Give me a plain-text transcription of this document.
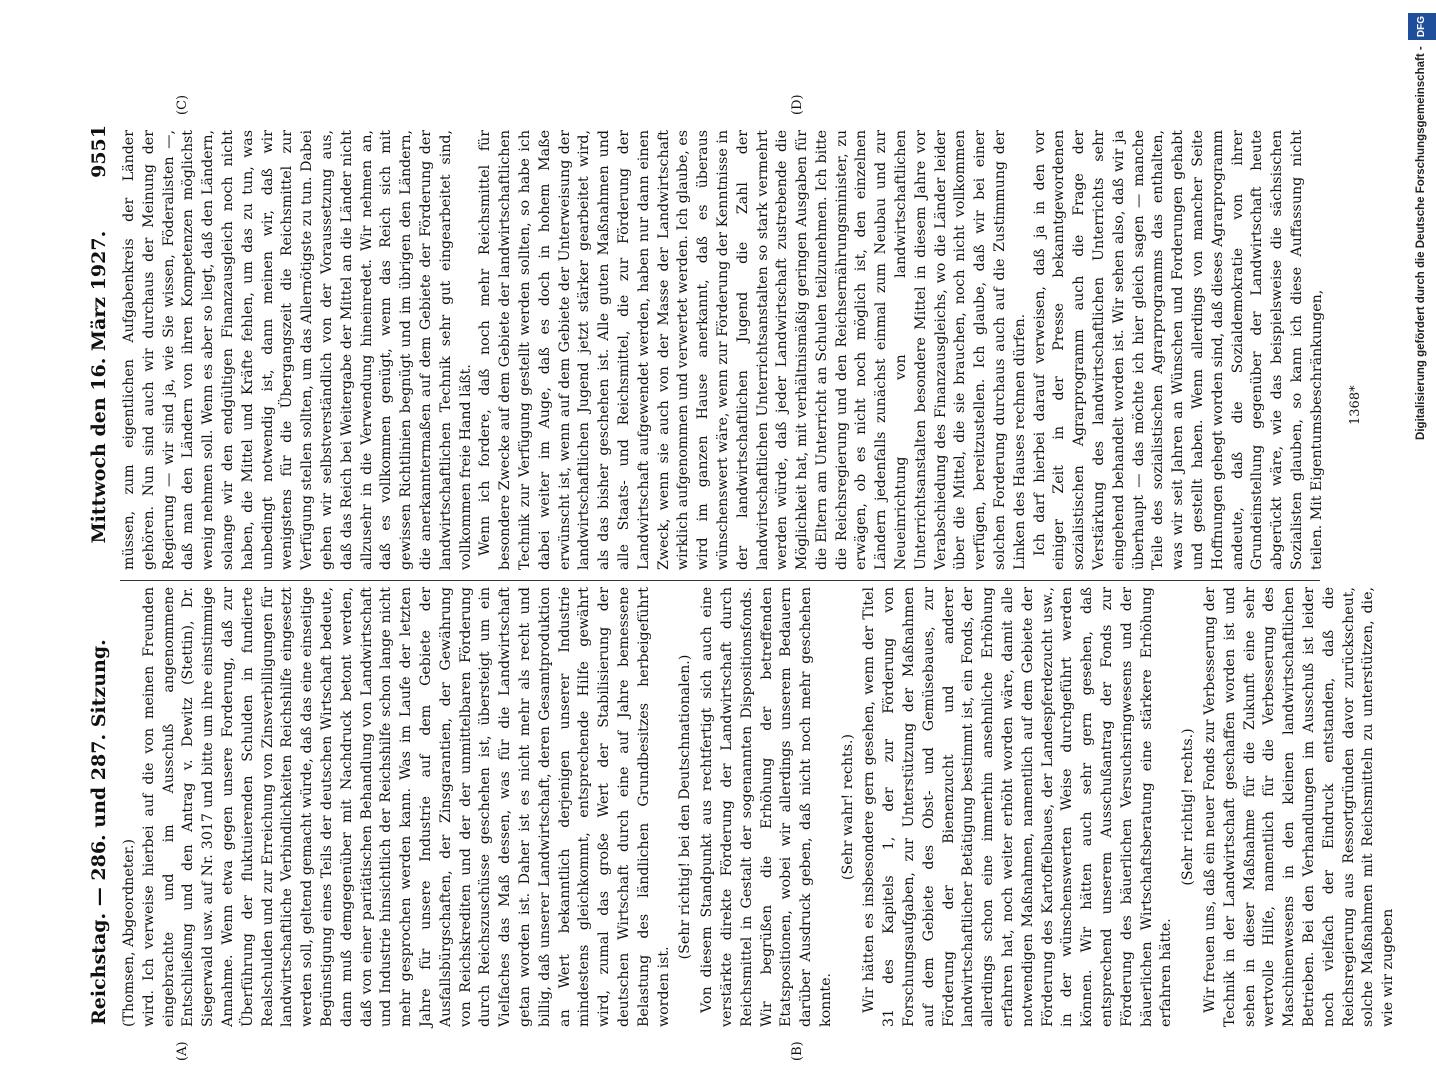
Reichstag. — 286. und 287. Sitzung.
Mittwoch den 16. März 1927.        9551
(A)	(B)
(C)	(D)

(Thomsen, Abgeordneter.) wird. Ich verweise hierbei auf die von meinen Freunden eingebrachte und im Ausschuß angenommene Entschließung und den Antrag v. Dewitz (Stettin), Dr. Siegerwald usw. auf Nr. 3017 und bitte um ihre einstimmige Annahme. Wenn etwa gegen unsere Forderung, daß zur Überführung der fluktuierenden Schulden in fundierte Realschulden und zur Erreichung von Zinsverbilligungen für landwirtschaftliche Verbindlichkeiten Reichshilfe eingesetzt werden soll, geltend gemacht würde, daß das eine einseitige Begünstigung eines Teils der deutschen Wirtschaft bedeute, dann muß demgegenüber mit Nachdruck betont werden, daß von einer paritätischen Behandlung von Landwirtschaft und Industrie hinsichtlich der Reichshilfe schon lange nicht mehr gesprochen werden kann. Was im Laufe der letzten Jahre für unsere Industrie auf dem Gebiete der Ausfallsbürgschaften, der Zinsgarantien, der Gewährung von Reichskrediten und der der unmittelbaren Förderung durch Reichszuschüsse geschehen ist, übersteigt um ein Vielfaches das Maß dessen, was für die Landwirtschaft getan worden ist. Daher ist es nicht mehr als recht und billig, daß unserer Landwirtschaft, deren Gesamtproduktion an Wert bekanntlich derjenigen unserer Industrie mindestens gleichkommt, entsprechende Hilfe gewährt wird, zumal das große Wert der Stabilisierung der deutschen Wirtschaft durch eine auf Jahre bemessene Belastung des ländlichen Grundbesitzes herbeigeführt worden ist.

(Sehr richtig! bei den Deutschnationalen.) Von diesem Standpunkt aus rechtfertigt sich auch eine verstärkte direkte Förderung der Landwirtschaft durch Reichsmittel in Gestalt der sogenannten Dispositionsfonds. Wir begrüßen die Erhöhung der betreffenden Etatspositionen, wobei wir allerdings unserem Bedauern darüber Ausdruck geben, daß nicht noch mehr geschehen konnte.

(Sehr wahr! rechts.) Wir hätten es insbesondere gern gesehen, wenn der Titel 31 des Kapitels 1, der zur Förderung von Forschungsaufgaben, zur Unterstützung der Maßnahmen auf dem Gebiete des Obst- und Gemüsebaues, zur Förderung der Bienenzucht und anderer landwirtschaftlicher Betätigung bestimmt ist, ein Fonds, der allerdings schon eine immerhin ansehnliche Erhöhung erfahren hat, noch weiter erhöht worden wäre, damit alle notwendigen Maßnahmen, namentlich auf dem Gebiete der Förderung des Kartoffelbaues, der Landespferdezucht usw., in der wünschenswerten Weise durchgeführt werden können. Wir hätten auch sehr gern gesehen, daß entsprechend unserem Ausschußantrag der Fonds zur Förderung des bäuerlichen Versuchsringwesens und der bäuerlichen Wirtschaftsberatung eine stärkere Erhöhung erfahren hätte.

(Sehr richtig! rechts.) Wir freuen uns, daß ein neuer Fonds zur Verbesserung der Technik in der Landwirtschaft geschaffen worden ist und sehen in dieser Maßnahme für die Zukunft eine sehr wertvolle Hilfe, namentlich für die Verbesserung des Maschinenwesens in den kleinen landwirtschaftlichen Betrieben. Bei den Verhandlungen im Ausschuß ist leider noch vielfach der Eindruck entstanden, daß die Reichsregierung aus Ressortgründen davor zurückscheut, solche Maßnahmen mit Reichsmitteln zu unterstützen, die, wie wir zugeben

müssen, zum eigentlichen Aufgabenkreis der Länder gehören. Nun sind auch wir durchaus der Meinung der Regierung — wir sind ja, wie Sie wissen, Föderalisten —, daß man den Ländern von ihren Kompetenzen möglichst wenig nehmen soll. Wenn es aber so liegt, daß den Ländern, solange wir den endgültigen Finanzausgleich noch nicht haben, die Mittel und Kräfte fehlen, um das zu tun, was unbedingt notwendig ist, dann meinen wir, daß wir wenigstens für die Übergangszeit die Reichsmittel zur Verfügung stellen sollten, um das Allernötigste zu tun. Dabei gehen wir selbstverständlich von der Voraussetzung aus, daß das Reich bei Weitergabe der Mittel an die Länder nicht allzusehr in die Verwendung hineinredet. Wir nehmen an, daß es vollkommen genügt, wenn das Reich sich mit gewissen Richtlinien begnügt und im übrigen den Ländern, die anerkanntermaßen auf dem Gebiete der Förderung der landwirtschaftlichen Technik sehr gut eingearbeitet sind, vollkommen freie Hand läßt. Wenn ich fordere, daß noch mehr Reichsmittel für besondere Zwecke auf dem Gebiete der landwirtschaftlichen Technik zur Verfügung gestellt werden sollten, so habe ich dabei weiter im Auge, daß es doch in hohem Maße erwünscht ist, wenn auf dem Gebiete der Unterweisung der landwirtschaftlichen Jugend jetzt stärker gearbeitet wird, als das bisher geschehen ist. Alle guten Maßnahmen und alle Staats- und Reichsmittel, die zur Förderung der Landwirtschaft aufgewendet werden, haben nur dann einen Zweck, wenn sie auch von der Masse der Landwirtschaft wirklich aufgenommen und verwertet werden. Ich glaube, es wird im ganzen Hause anerkannt, daß es überaus wünschenswert wäre, wenn zur Förderung der Kenntnisse in der landwirtschaftlichen Jugend die Zahl der landwirtschaftlichen Unterrichtsanstalten so stark vermehrt werden würde, daß jeder Landwirtschaft zustrebende die Möglichkeit hat, mit verhältnismäßig geringen Ausgaben für die Eltern am Unterricht an Schulen teilzunehmen. Ich bitte die Reichsregierung und den Reichsernährungsminister, zu erwägen, ob es nicht noch möglich ist, den einzelnen Ländern jedenfalls zunächst einmal zum Neubau und zur Neueinrichtung von landwirtschaftlichen Unterrichtsanstalten besondere Mittel in diesem Jahre vor Verabschiedung des Finanzausgleichs, wo die Länder leider über die Mittel, die sie brauchen, noch nicht vollkommen verfügen, bereitzustellen. Ich glaube, daß wir bei einer solchen Forderung durchaus auch auf die Zustimmung der Linken des Hauses rechnen dürfen. Ich darf hierbei darauf verweisen, daß ja in den vor einiger Zeit in der Presse bekanntgewordenen sozialistischen Agrarprogramm auch die Frage der Verstärkung des landwirtschaftlichen Unterrichts sehr eingehend behandelt worden ist. Wir sehen also, daß wir ja überhaupt — das möchte ich hier gleich sagen — manche Teile des sozialistischen Agrarprogramms das enthalten, was wir seit Jahren an Wünschen und Forderungen gehabt und gestellt haben. Wenn allerdings von mancher Seite Hoffnungen gehegt worden sind, daß dieses Agrarprogramm andeute, daß die Sozialdemokratie von ihrer Grundeinstellung gegenüber der Landwirtschaft heute abgerückt wäre, wie das beispielsweise die sächsischen Sozialisten glauben, so kann ich diese Auffassung nicht teilen. Mit Eigentumsbeschränkungen, 1368*	Digitalisierung gefördert durch die Deutsche Forschungsgemeinschaft - DFG
